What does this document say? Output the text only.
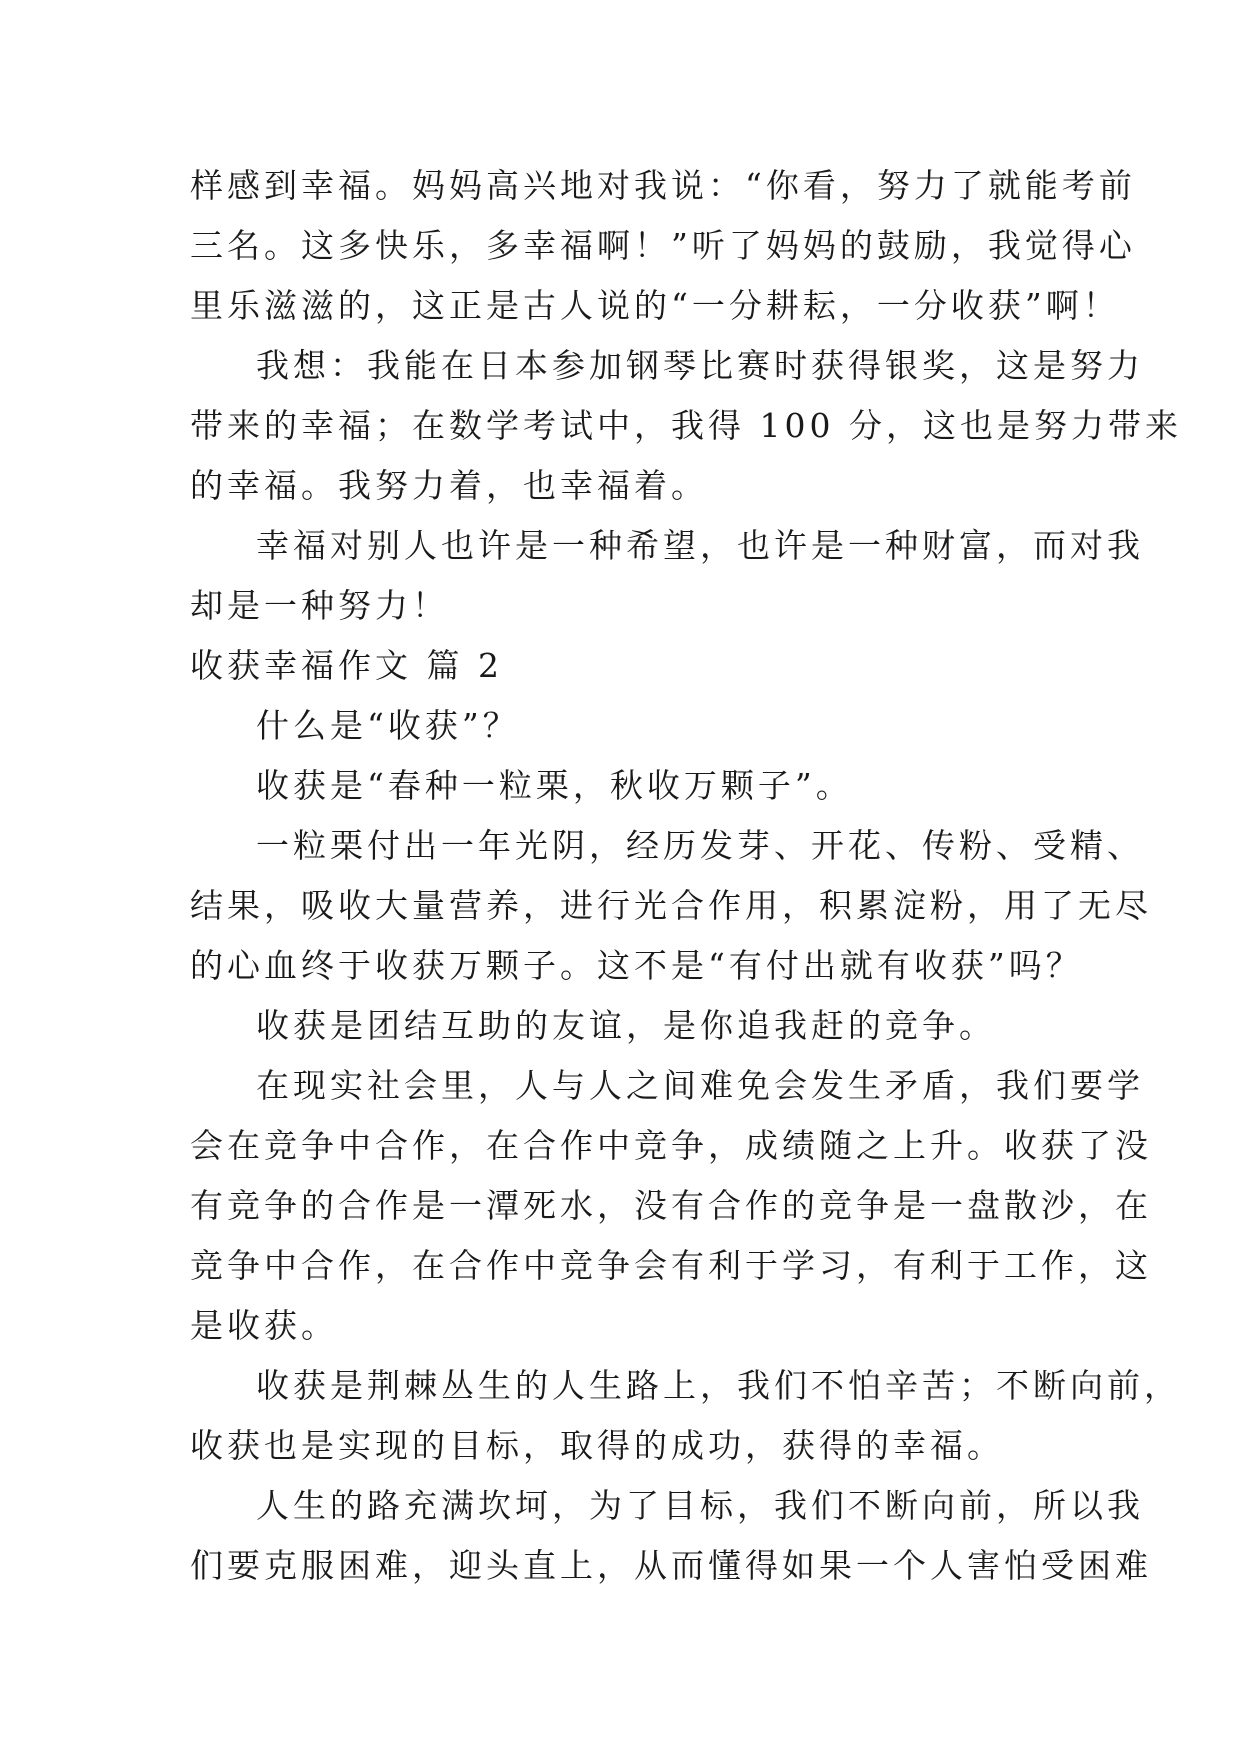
样感到幸福。妈妈高兴地对我说：“你看，努力了就能考前
三名。这多快乐，多幸福啊！”听了妈妈的鼓励，我觉得心
里乐滋滋的，这正是古人说的“一分耕耘，一分收获”啊！
我想：我能在日本参加钢琴比赛时获得银奖，这是努力
带来的幸福；在数学考试中，我得 100 分，这也是努力带来
的幸福。我努力着，也幸福着。
幸福对别人也许是一种希望，也许是一种财富，而对我
却是一种努力！
收获幸福作文 篇 2
什么是“收获”？
收获是“春种一粒栗，秋收万颗子”。
一粒栗付出一年光阴，经历发芽、开花、传粉、受精、
结果，吸收大量营养，进行光合作用，积累淀粉，用了无尽
的心血终于收获万颗子。这不是“有付出就有收获”吗？
收获是团结互助的友谊，是你追我赶的竞争。
在现实社会里，人与人之间难免会发生矛盾，我们要学
会在竞争中合作，在合作中竞争，成绩随之上升。收获了没
有竞争的合作是一潭死水，没有合作的竞争是一盘散沙，在
竞争中合作，在合作中竞争会有利于学习，有利于工作，这
是收获。
收获是荆棘丛生的人生路上，我们不怕辛苦；不断向前，
收获也是实现的目标，取得的成功，获得的幸福。
人生的路充满坎坷，为了目标，我们不断向前，所以我
们要克服困难，迎头直上，从而懂得如果一个人害怕受困难
